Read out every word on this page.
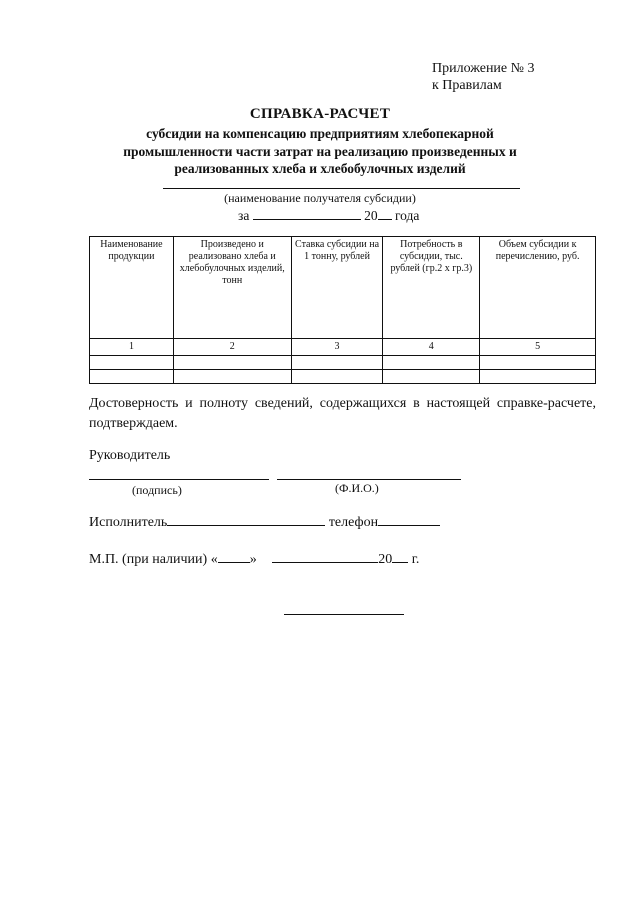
Приложение № 3
к Правилам
СПРАВКА-РАСЧЕТ
субсидии на компенсацию предприятиям хлебопекарной
промышленности части затрат на реализацию произведенных и
реализованных хлеба и хлебобулочных изделий
(наименование получателя субсидии)
за	20 года
Наименование продукции	Произведено и реализовано хлеба и хлебобулочных изделий, тонн	Ставка субсидии на 1 тонну, рублей	Потребность в субсидии, тыс. рублей (гр.2 х гр.3)	Объем субсидии к перечислению, руб.
1	2	3	4	5

Достоверность и полноту сведений, содержащихся в настоящей справке-расчете, подтверждаем.
Руководитель
(подпись)	(Ф.И.О.)
Исполнитель	телефон
М.П. (при наличии) « »	20 г.
